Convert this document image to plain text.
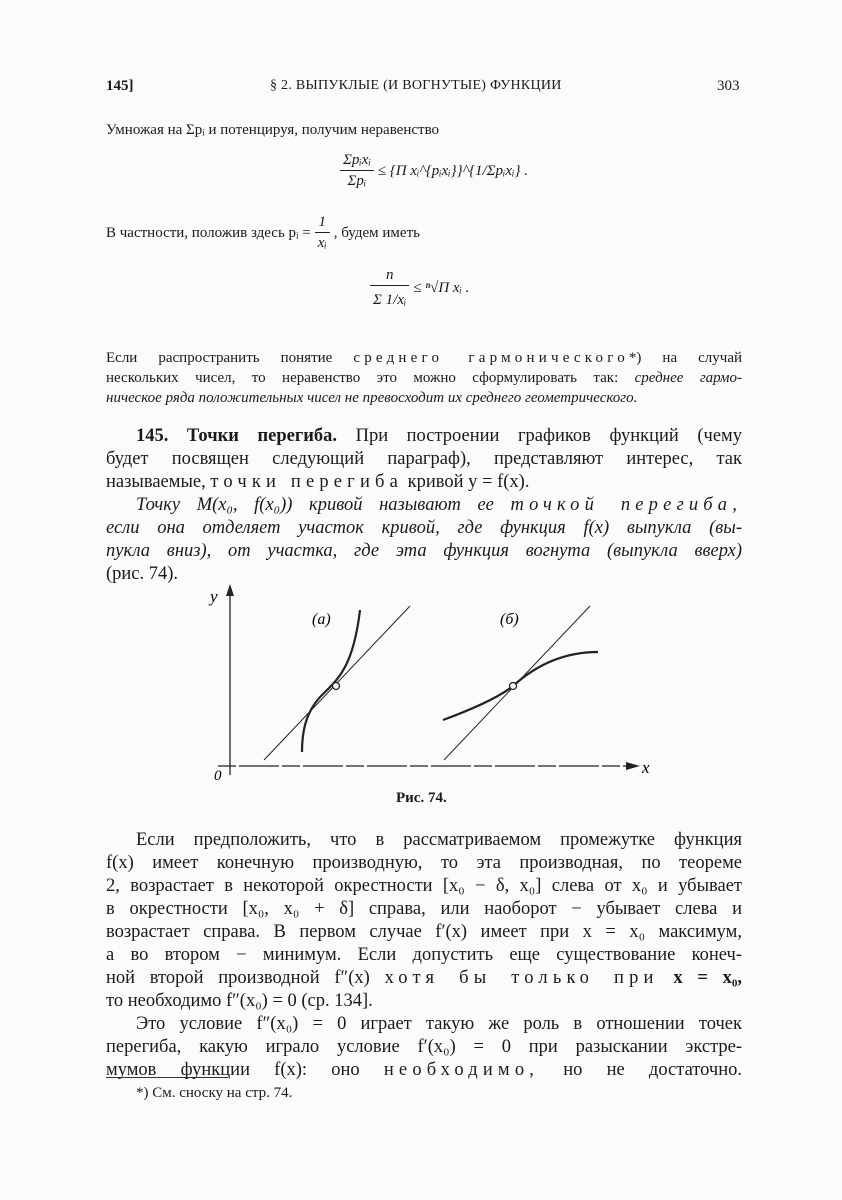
145]	§ 2. ВЫПУКЛЫЕ (И ВОГНУТЫЕ) ФУНКЦИИ	303
Умножая на Σpᵢ и потенцируя, получим неравенство
$\frac{\text{Σpᵢxᵢ}}{\text{Σpᵢ}} \le \{\Pi$ xᵢ^{pᵢxᵢ}}^{1/Σpᵢxᵢ} .
В частности, положив здесь pᵢ = $\frac{1}{\text{xᵢ}}$ , будем иметь
$\frac{n}{\text{Σ 1/xᵢ}} \le ^n√\Pi$ xᵢ .
Если распространить понятие среднего гармонического*) на случай
нескольких чисел, то неравенство это можно сформулировать так: среднее гармо-
ническое ряда положительных чисел не превосходит их среднего геометрического.
145. Точки перегиба. При построении графиков функций (чему
будет посвящен следующий параграф), представляют интерес, так
называемые, точки перегиба кривой y = f(x).
Точку M(x₀, f(x₀)) кривой называют ее точкой перегиба,
если она отделяет участок кривой, где функция f(x) выпукла (вы-
пукла вниз), от участка, где эта функция вогнута (выпукла вверх)
(рис. 74).
y
x
0
(а)	(б)
Рис. 74.
Если предположить, что в рассматриваемом промежутке функция
f(x) имеет конечную производную, то эта производная, по теореме
2, возрастает в некоторой окрестности [x₀ − δ, x₀] слева от x₀ и убывает
в окрестности [x₀, x₀ + δ] справа, или наоборот − убывает слева и
возрастает справа. В первом случае f′(x) имеет при x = x₀ максимум,
а во втором − минимум. Если допустить еще существование конеч-
ной второй производной f″(x) хотя бы только при x = x₀,
то необходимо f″(x₀) = 0 (ср. 134].
Это условие f″(x₀) = 0 играет такую же роль в отношении точек
перегиба, какую играло условие f′(x₀) = 0 при разыскании экстре-
мумов функции f(x): оно необходимо, но не достаточно.
*) См. сноску на стр. 74.
